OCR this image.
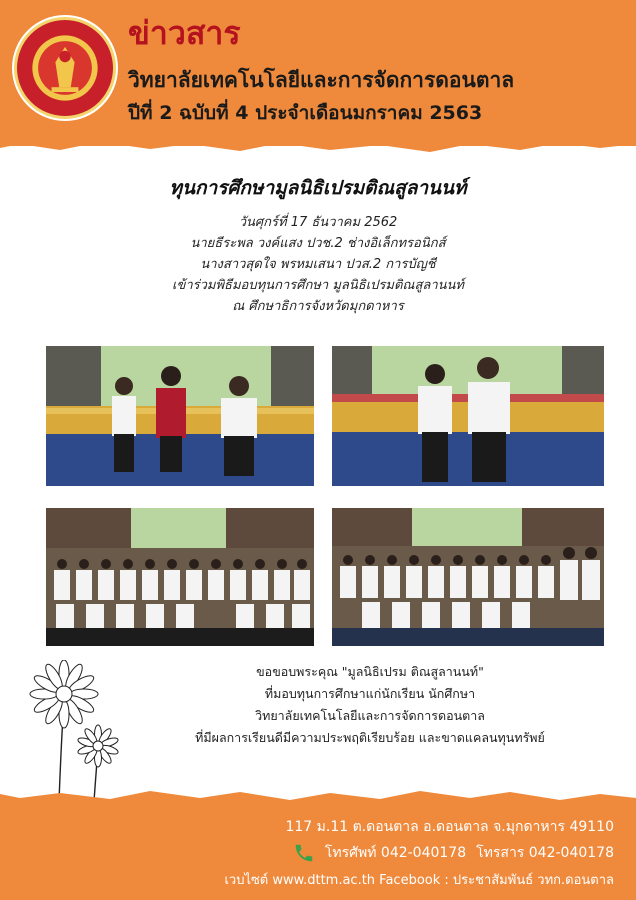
ข่าวสาร
วิทยาลัยเทคโนโลยีและการจัดการดอนตาล
ปีที่ 2 ฉบับที่ 4 ประจำเดือนมกราคม 2563
ทุนการศึกษามูลนิธิเปรมติณสูลานนท์
วันศุกร์ที่ 17 ธันวาคม 2562
นายธีระพล วงค์แสง ปวช.2 ช่างอิเล็กทรอนิกส์
นางสาวสุดใจ พรหมเสนา ปวส.2 การบัญชี
เข้าร่วมพิธีมอบทุนการศึกษา มูลนิธิเปรมติณสูลานนท์
ณ ศึกษาธิการจังหวัดมุกดาหาร
ขอขอบพระคุณ "มูลนิธิเปรม ติณสูลานนท์"
ที่มอบทุนการศึกษาแก่นักเรียน นักศึกษา
วิทยาลัยเทคโนโลยีและการจัดการดอนตาล
ที่มีผลการเรียนดีมีความประพฤติเรียบร้อย และขาดแคลนทุนทรัพย์
117 ม.11 ต.ดอนตาล อ.ดอนตาล จ.มุกดาหาร 49110
โทรศัพท์ 042-040178 โทรสาร 042-040178
เวบไซต์ www.dttm.ac.th Facebook : ประชาสัมพันธ์ วทก.ดอนตาล
